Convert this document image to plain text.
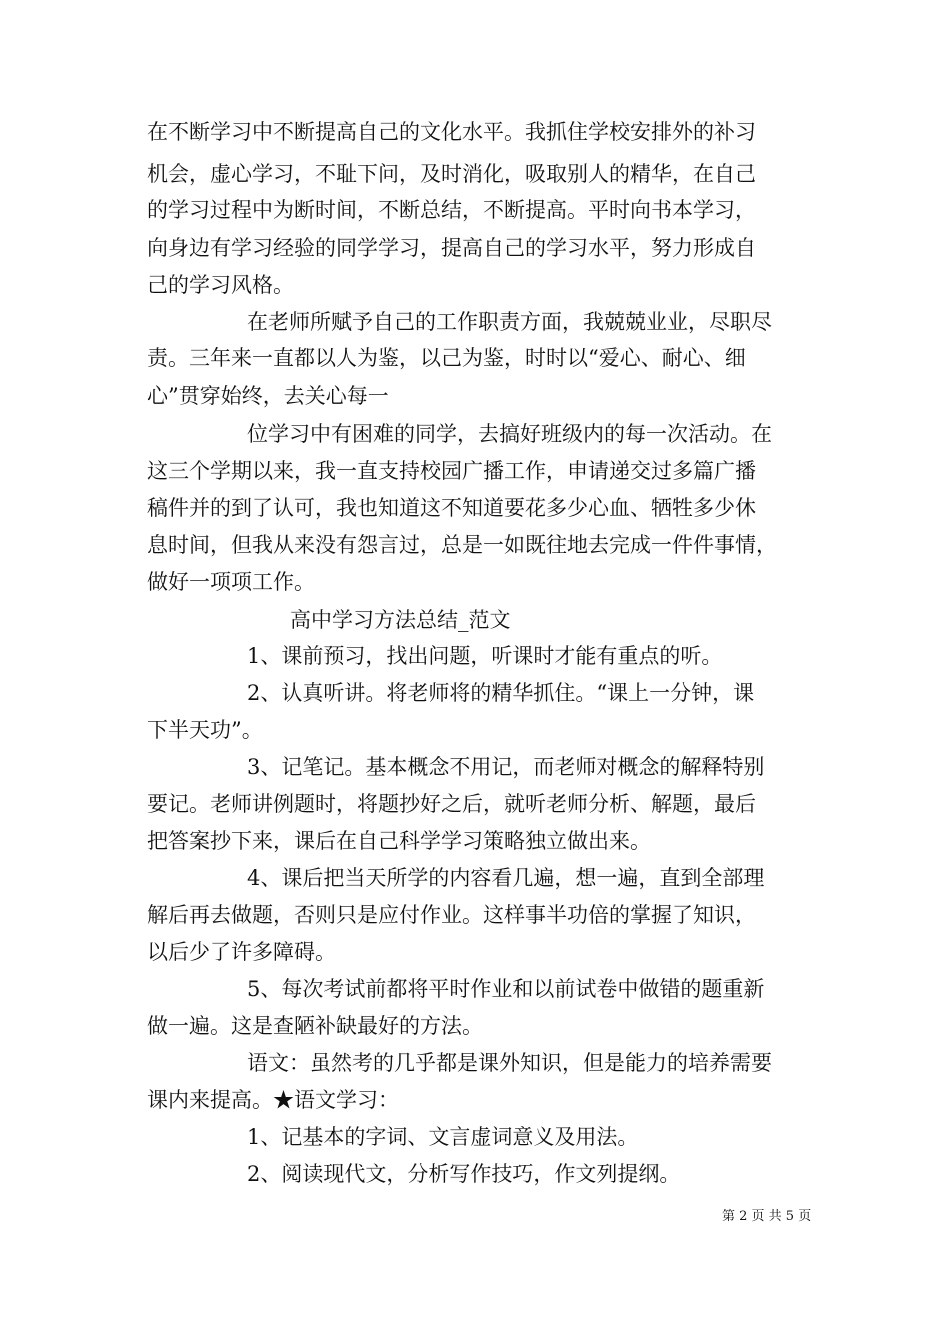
在不断学习中不断提高自己的文化水平。我抓住学校安排外的补习
机会，虚心学习，不耻下问，及时消化，吸取别人的精华，在自己
的学习过程中为断时间，不断总结，不断提高。平时向书本学习，
向身边有学习经验的同学学习，提高自己的学习水平，努力形成自
己的学习风格。
在老师所赋予自己的工作职责方面，我兢兢业业，尽职尽
责。三年来一直都以人为鉴，以己为鉴，时时以“爱心、耐心、细
心”贯穿始终，去关心每一
位学习中有困难的同学，去搞好班级内的每一次活动。在
这三个学期以来，我一直支持校园广播工作，申请递交过多篇广播
稿件并的到了认可，我也知道这不知道要花多少心血、牺牲多少休
息时间，但我从来没有怨言过，总是一如既往地去完成一件件事情，
做好一项项工作。
高中学习方法总结_范文
1、课前预习，找出问题，听课时才能有重点的听。
2、认真听讲。将老师将的精华抓住。“课上一分钟，课
下半天功”。
3、记笔记。基本概念不用记，而老师对概念的解释特别
要记。老师讲例题时，将题抄好之后，就听老师分析、解题，最后
把答案抄下来，课后在自己科学学习策略独立做出来。
4、课后把当天所学的内容看几遍，想一遍，直到全部理
解后再去做题，否则只是应付作业。这样事半功倍的掌握了知识，
以后少了许多障碍。
5、每次考试前都将平时作业和以前试卷中做错的题重新
做一遍。这是查陋补缺最好的方法。
语文：虽然考的几乎都是课外知识，但是能力的培养需要
课内来提高。★语文学习：
1、记基本的字词、文言虚词意义及用法。
2、阅读现代文，分析写作技巧，作文列提纲。
第 2 页 共 5 页
